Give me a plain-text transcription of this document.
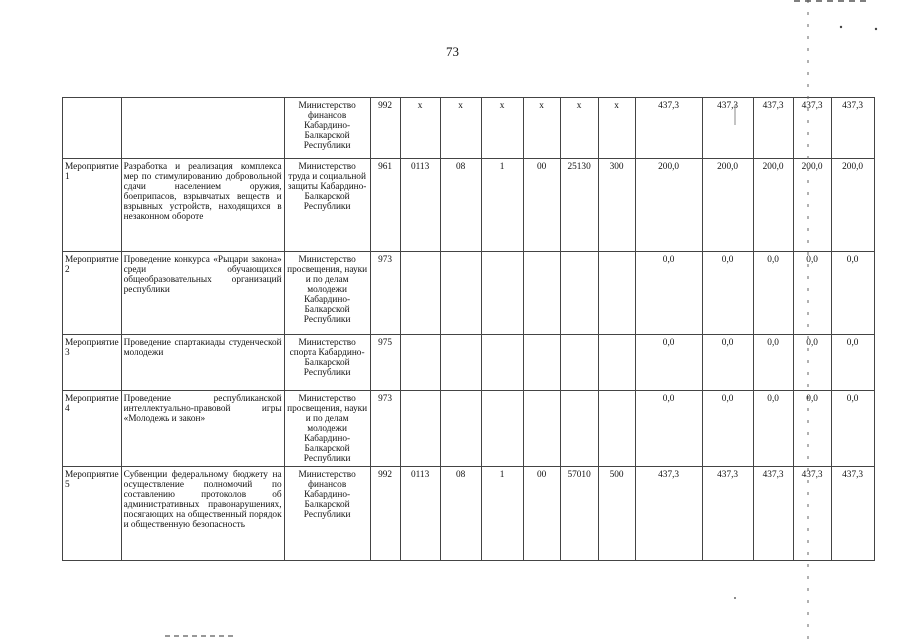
73
		Министерство финансов Кабардино-Балкарской Республики	992	х	х	х	х	х	х	437,3	437,3	437,3	437,3	437,3
Мероприятие 1	Разработка и реализация комплекса мер по стимулированию добровольной сдачи населением оружия, боеприпасов, взрывчатых веществ и взрывных устройств, находящихся в незаконном обороте	Министерство труда и социальной защиты Кабардино-Балкарской Республики	961	0113	08	1	00	25130	300	200,0	200,0	200,0	200,0	200,0
Мероприятие 2	Проведение конкурса «Рыцари закона» среди обучающихся общеобразовательных организаций республики	Министерство просвещения, науки и по делам молодежи Кабардино-Балкарской Республики	973							0,0	0,0	0,0	0,0	0,0
Мероприятие 3	Проведение спартакиады студенческой молодежи	Министерство спорта Кабардино-Балкарской Республики	975							0,0	0,0	0,0	0,0	0,0
Мероприятие 4	Проведение республиканской интеллектуально-правовой игры «Молодежь и закон»	Министерство просвещения, науки и по делам молодежи Кабардино-Балкарской Республики	973							0,0	0,0	0,0	0,0	0,0
Мероприятие 5	Субвенции федеральному бюджету на осуществление полномочий по составлению протоколов об административных правонарушениях, посягающих на общественный порядок и общественную безопасность	Министерство финансов Кабардино-Балкарской Республики	992	0113	08	1	00	57010	500	437,3	437,3	437,3	437,3	437,3
